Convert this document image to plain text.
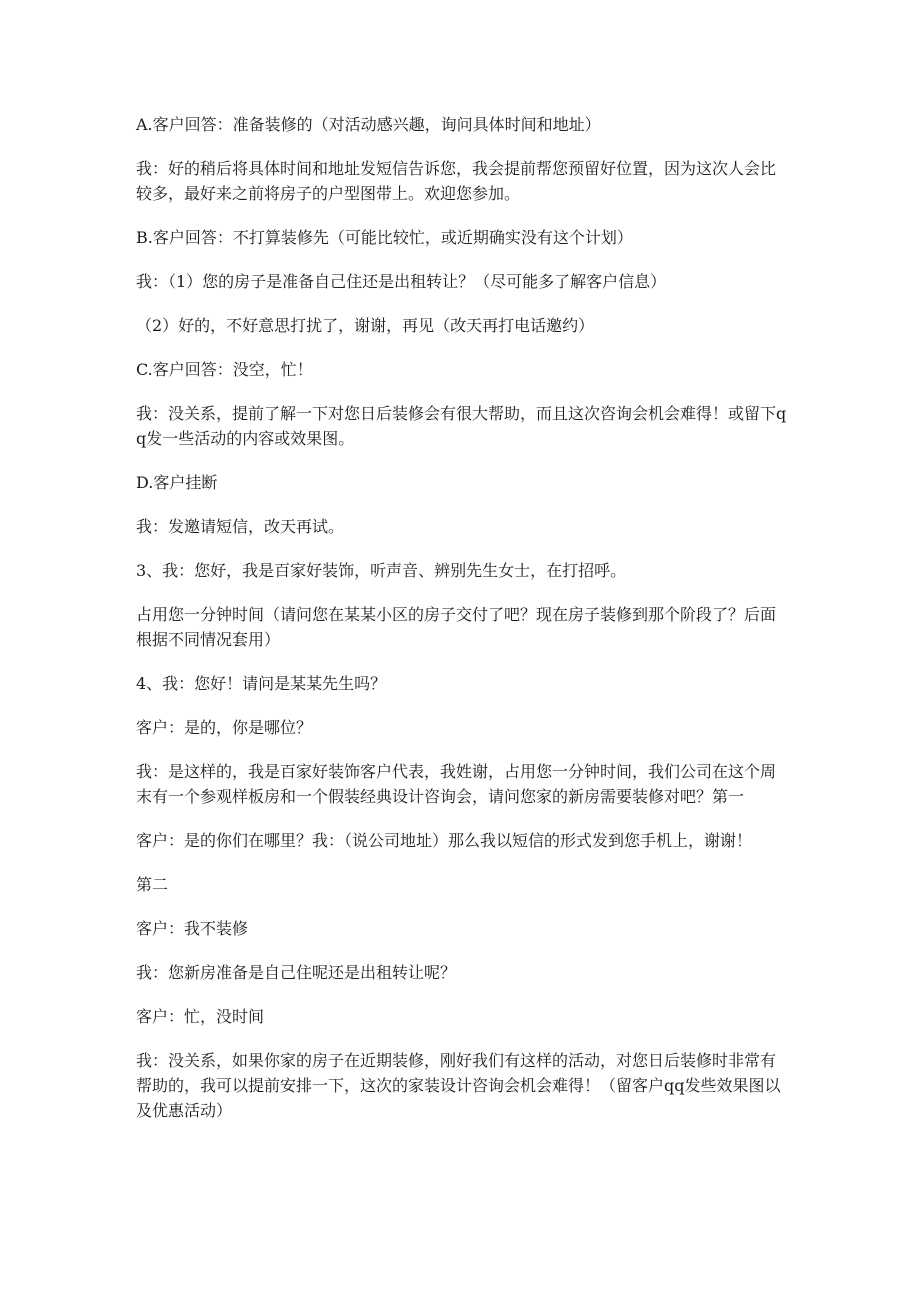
A.客户回答：准备装修的（对活动感兴趣，询问具体时间和地址）

我：好的稍后将具体时间和地址发短信告诉您，我会提前帮您预留好位置，因为这次人会比较多，最好来之前将房子的户型图带上。欢迎您参加。

B.客户回答：不打算装修先（可能比较忙，或近期确实没有这个计划）

我：（1）您的房子是准备自己住还是出租转让？（尽可能多了解客户信息）

（2）好的，不好意思打扰了，谢谢，再见（改天再打电话邀约）

C.客户回答：没空，忙！

我：没关系，提前了解一下对您日后装修会有很大帮助，而且这次咨询会机会难得！或留下qq发一些活动的内容或效果图。

D.客户挂断

我：发邀请短信，改天再试。

3、我：您好，我是百家好装饰，听声音、辨别先生女士，在打招呼。

占用您一分钟时间（请问您在某某小区的房子交付了吧？现在房子装修到那个阶段了？后面根据不同情况套用）

4、我：您好！请问是某某先生吗？

客户：是的，你是哪位？

我：是这样的，我是百家好装饰客户代表，我姓谢，占用您一分钟时间，我们公司在这个周末有一个参观样板房和一个假装经典设计咨询会，请问您家的新房需要装修对吧？第一

客户：是的你们在哪里？我：（说公司地址）那么我以短信的形式发到您手机上，谢谢！

第二

客户：我不装修

我：您新房准备是自己住呢还是出租转让呢？

客户：忙，没时间

我：没关系，如果你家的房子在近期装修，刚好我们有这样的活动，对您日后装修时非常有帮助的，我可以提前安排一下，这次的家装设计咨询会机会难得！（留客户qq发些效果图以及优惠活动）
